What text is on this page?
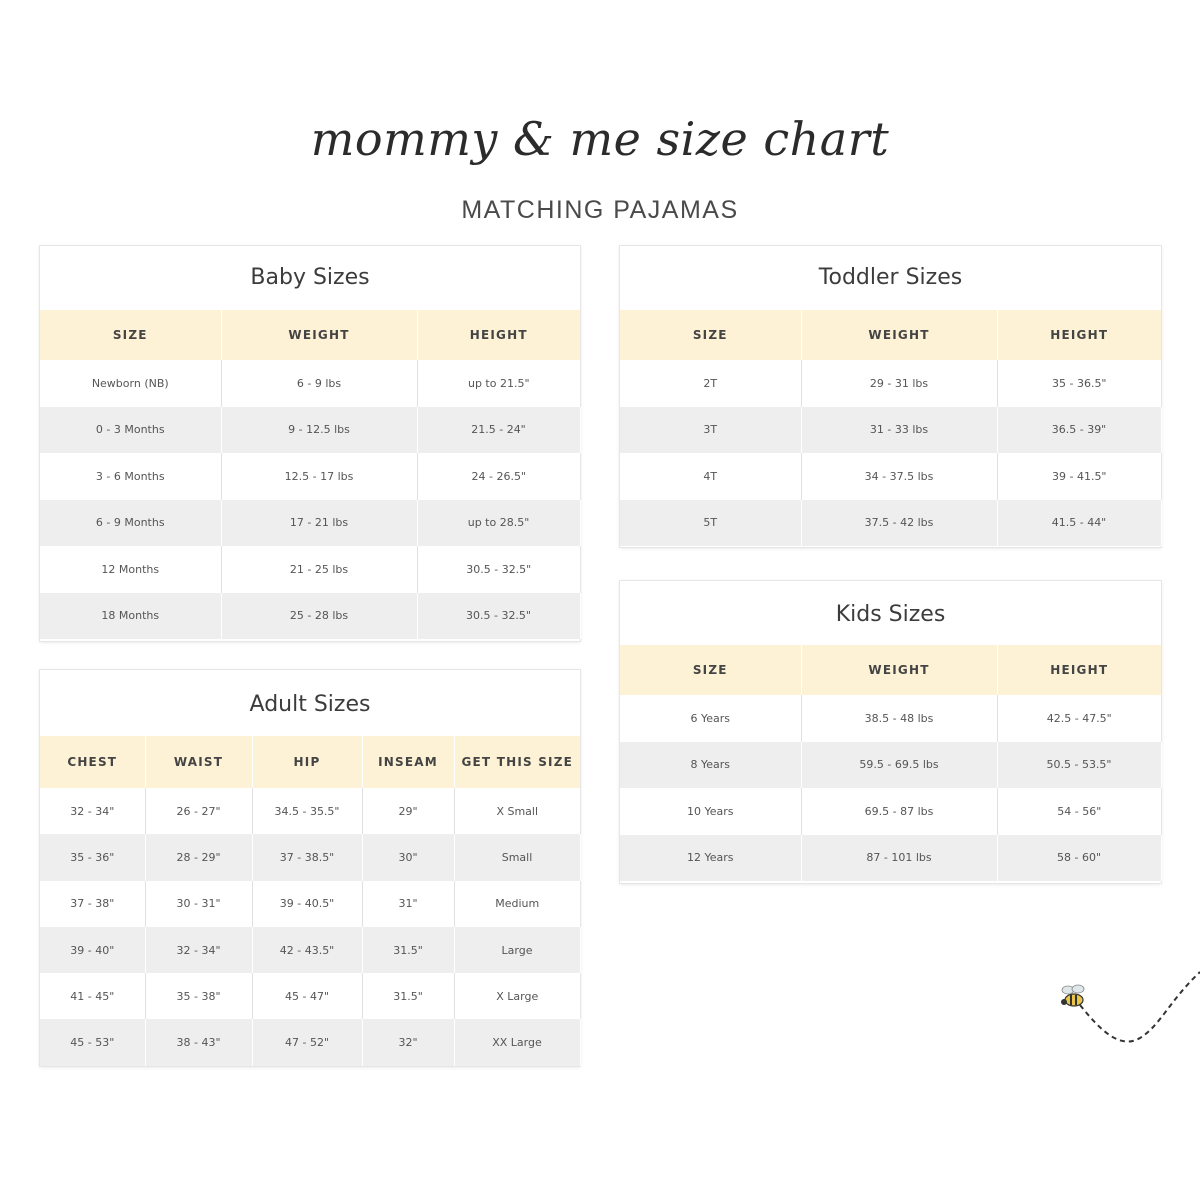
mommy & me size chart
MATCHING PAJAMAS
Baby Sizes
SIZE	WEIGHT	HEIGHT
Newborn (NB)	6 - 9 lbs	up to 21.5"
0 - 3 Months	9 - 12.5 lbs	21.5 - 24"
3 - 6 Months	12.5 - 17 lbs	24 - 26.5"
6 - 9 Months	17 - 21 lbs	up to 28.5"
12 Months	21 - 25 lbs	30.5 - 32.5"
18 Months	25 - 28 lbs	30.5 - 32.5"
Adult Sizes
CHEST	WAIST	HIP	INSEAM	GET THIS SIZE
32 - 34"	26 - 27"	34.5 - 35.5"	29"	X Small
35 - 36"	28 - 29"	37 - 38.5"	30"	Small
37 - 38"	30 - 31"	39 - 40.5"	31"	Medium
39 - 40"	32 - 34"	42 - 43.5"	31.5"	Large
41 - 45"	35 - 38"	45 - 47"	31.5"	X Large
45 - 53"	38 - 43"	47 - 52"	32"	XX Large
Toddler Sizes
SIZE	WEIGHT	HEIGHT
2T	29 - 31 lbs	35 - 36.5"
3T	31 - 33 lbs	36.5 - 39"
4T	34 - 37.5 lbs	39 - 41.5"
5T	37.5 - 42 lbs	41.5 - 44"
Kids Sizes
SIZE	WEIGHT	HEIGHT
6 Years	38.5 - 48 lbs	42.5 - 47.5"
8 Years	59.5 - 69.5 lbs	50.5 - 53.5"
10 Years	69.5 - 87 lbs	54 - 56"
12 Years	87 - 101 lbs	58 - 60"
